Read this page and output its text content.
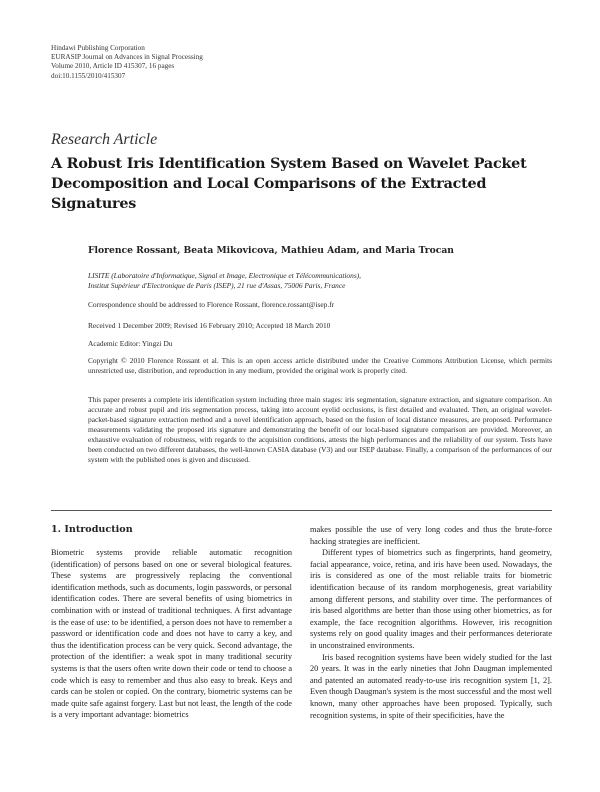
Hindawi Publishing Corporation
EURASIP Journal on Advances in Signal Processing
Volume 2010, Article ID 415307, 16 pages
doi:10.1155/2010/415307
Research Article
A Robust Iris Identification System Based on Wavelet Packet Decomposition and Local Comparisons of the Extracted Signatures
Florence Rossant, Beata Mikovicova, Mathieu Adam, and Maria Trocan
LISITE (Laboratoire d'Informatique, Signal et Image, Electronique et Télécommunications),
Institut Supérieur d'Electronique de Paris (ISEP), 21 rue d'Assas, 75006 Paris, France
Correspondence should be addressed to Florence Rossant, florence.rossant@isep.fr
Received 1 December 2009; Revised 16 February 2010; Accepted 18 March 2010
Academic Editor: Yingzi Du
Copyright © 2010 Florence Rossant et al. This is an open access article distributed under the Creative Commons Attribution License, which permits unrestricted use, distribution, and reproduction in any medium, provided the original work is properly cited.
This paper presents a complete iris identification system including three main stages: iris segmentation, signature extraction, and signature comparison. An accurate and robust pupil and iris segmentation process, taking into account eyelid occlusions, is first detailed and evaluated. Then, an original wavelet-packet-based signature extraction method and a novel identification approach, based on the fusion of local distance measures, are proposed. Performance measurements validating the proposed iris signature and demonstrating the benefit of our local-based signature comparison are provided. Moreover, an exhaustive evaluation of robustness, with regards to the acquisition conditions, attests the high performances and the reliability of our system. Tests have been conducted on two different databases, the well-known CASIA database (V3) and our ISEP database. Finally, a comparison of the performances of our system with the published ones is given and discussed.
1. Introduction

Biometric systems provide reliable automatic recognition (identification) of persons based on one or several biological features. These systems are progressively replacing the conventional identification methods, such as documents, login passwords, or personal identification codes. There are several benefits of using biometrics in combination with or instead of traditional techniques. A first advantage is the ease of use: to be identified, a person does not have to remember a password or identification code and does not have to carry a key, and thus the identification process can be very quick. Second advantage, the protection of the identifier: a weak spot in many traditional security systems is that the users often write down their code or tend to choose a code which is easy to remember and thus also easy to break. Keys and cards can be stolen or copied. On the contrary, biometric systems can be made quite safe against forgery. Last but not least, the length of the code is a very important advantage: biometrics

makes possible the use of very long codes and thus the brute-force hacking strategies are inefficient.

Different types of biometrics such as fingerprints, hand geometry, facial appearance, voice, retina, and iris have been used. Nowadays, the iris is considered as one of the most reliable traits for biometric identification because of its random morphogenesis, great variability among different persons, and stability over time. The performances of iris based algorithms are better than those using other biometrics, as for example, the face recognition algorithms. However, iris recognition systems rely on good quality images and their performances deteriorate in unconstrained environments.

Iris based recognition systems have been widely studied for the last 20 years. It was in the early nineties that John Daugman implemented and patented an automated ready-to-use iris recognition system [1, 2]. Even though Daugman's system is the most successful and the most well known, many other approaches have been proposed. Typically, such recognition systems, in spite of their specificities, have the
